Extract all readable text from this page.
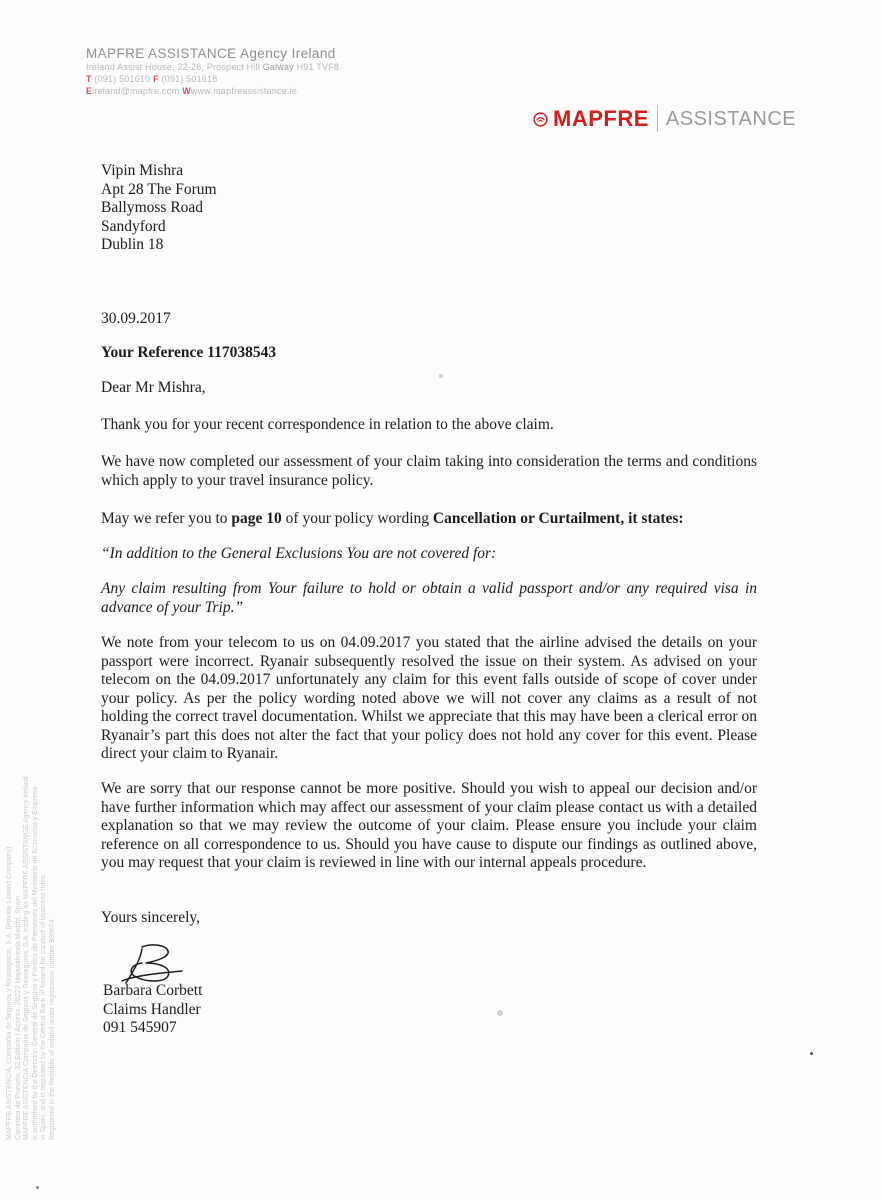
MAPFRE ASSISTANCE Agency Ireland
Ireland Assist House, 22-26, Prospect Hill Galway H91 TVF8
T (091) 501610 F (091) 501618
Eireland@mapfre.com Wwww.mapfreassistance.ie
MAPFRE ASSISTANCE
Vipin Mishra
Apt 28 The Forum
Ballymoss Road
Sandyford
Dublin 18
30.09.2017
Your Reference 117038543
Dear Mr Mishra,
Thank you for your recent correspondence in relation to the above claim.
We have now completed our assessment of your claim taking into consideration the terms and conditions which apply to your travel insurance policy.
May we refer you to page 10 of your policy wording Cancellation or Curtailment, it states:
“In addition to the General Exclusions You are not covered for:
Any claim resulting from Your failure to hold or obtain a valid passport and/or any required visa in advance of your Trip.”
We note from your telecom to us on 04.09.2017 you stated that the airline advised the details on your passport were incorrect. Ryanair subsequently resolved the issue on their system. As advised on your telecom on the 04.09.2017 unfortunately any claim for this event falls outside of scope of cover under your policy. As per the policy wording noted above we will not cover any claims as a result of not holding the correct travel documentation. Whilst we appreciate that this may have been a clerical error on Ryanair’s part this does not alter the fact that your policy does not hold any cover for this event. Please direct your claim to Ryanair.
We are sorry that our response cannot be more positive. Should you wish to appeal our decision and/or have further information which may affect our assessment of your claim please contact us with a detailed explanation so that we may review the outcome of your claim. Please ensure you include your claim reference on all correspondence to us. Should you have cause to dispute our findings as outlined above, you may request that your claim is reviewed in line with our internal appeals procedure.
Yours sincerely,
Barbara Corbett
Claims Handler
091 545907
MAPFRE ASISTENCIA, Compañía de Seguros y Reaseguros, S.A. (Private Limited Company) Carretera de Pozuelo, 32 Edificio I Acceso, 28222 Majadahonda Madrid, Spain MAPFRE ASISTENCIA Compañía de Seguros y Reaseguros, S.A. trading as MAPFRE ASSISTANCE Agency Ireland is authorised by the Dirección General de Seguros y Fondos de Pensiones del Ministerio de Economía y Empresa in Spain, and is regulated by the Central Bank of Ireland for conduct of business rules. Registered in the Republic of Ireland under registration number 906874.
